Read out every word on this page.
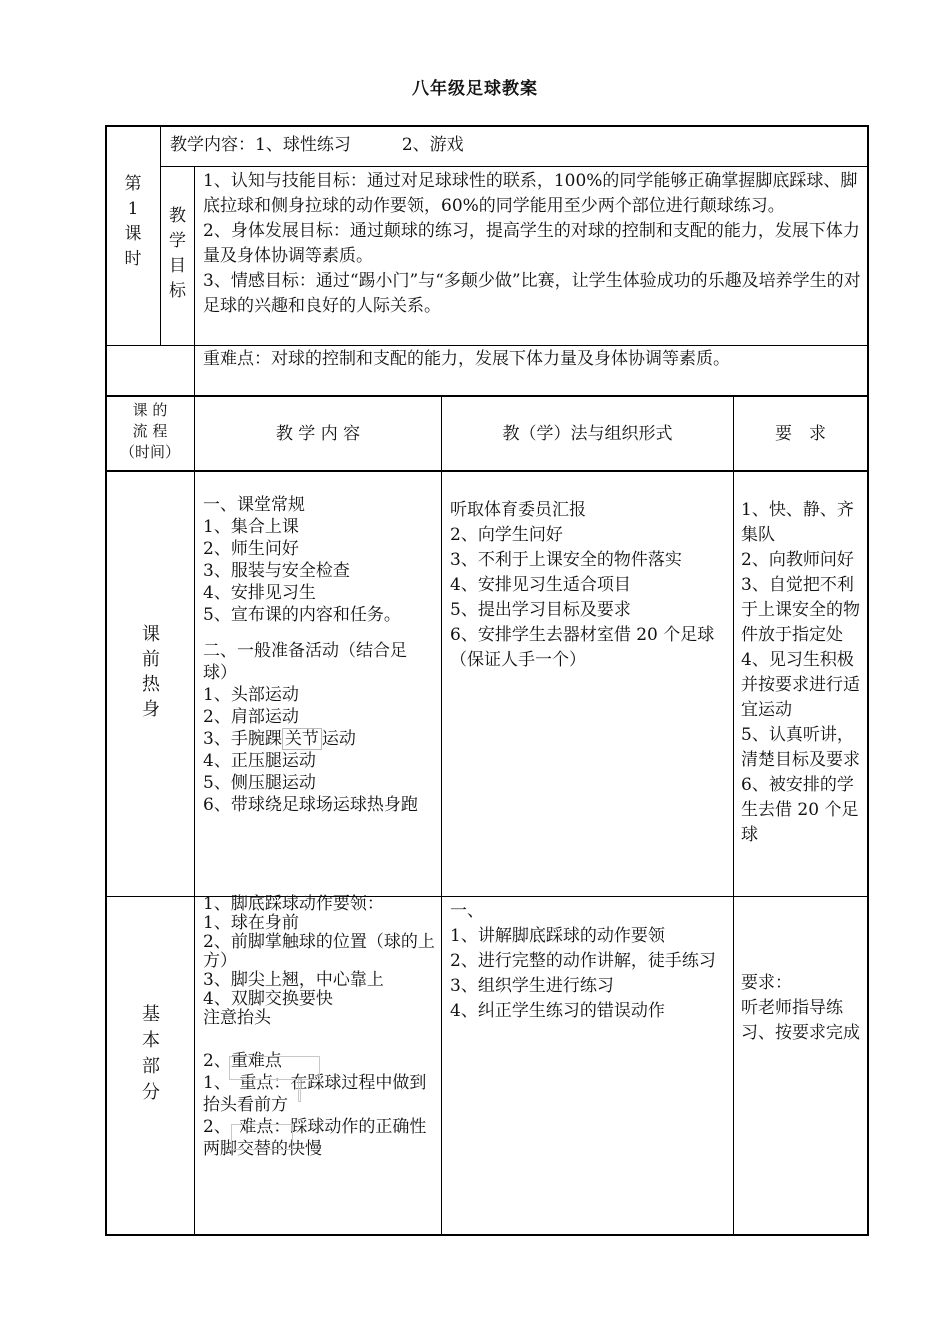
八年级足球教案
第
1
课
时
教学内容：1、球性练习　　　2、游戏
教
学
目
标
1、认知与技能目标：通过对足球球性的联系，100%的同学能够正确掌握脚底踩球、脚底拉球和侧身拉球的动作要领，60%的同学能用至少两个部位进行颠球练习。
2、身体发展目标：通过颠球的练习，提高学生的对球的控制和支配的能力，发展下体力量及身体协调等素质。
3、情感目标：通过“踢小门”与“多颠少做”比赛，让学生体验成功的乐趣及培养学生的对足球的兴趣和良好的人际关系。
重难点：对球的控制和支配的能力，发展下体力量及身体协调等素质。
课 的
流 程
（时间）
教 学 内 容	教（学）法与组织形式	要　求
课
前
热
身
一、课堂常规
1、集合上课
2、师生问好
3、服装与安全检查
4、安排见习生
5、宣布课的内容和任务。
二、一般准备活动（结合足球）
1、头部运动
2、肩部运动
3、手腕踝 关节 运动
4、正压腿运动
5、侧压腿运动
6、带球绕足球场运球热身跑
听取体育委员汇报
2、向学生问好
3、不利于上课安全的物件落实
4、安排见习生适合项目
5、提出学习目标及要求
6、安排学生去器材室借 20 个足球（保证人手一个）
1、快、静、齐集队
2、向教师问好
3、自觉把不利于上课安全的物件放于指定处
4、见习生积极并按要求进行适宜运动
5、认真听讲，清楚目标及要求
6、被安排的学生去借 20 个足球
基
本
部
分
1、脚底踩球动作要领：
1、球在身前
2、前脚掌触球的位置（球的上方）
3、脚尖上翘，中心靠上
4、双脚交换要快
注意抬头
2、重难点
1、　重点：在踩球过程中做到抬头看前方
2、　难点：踩球动作的正确性两脚交替的快慢
一、
1、讲解脚底踩球的动作要领
2、进行完整的动作讲解，徒手练习
3、组织学生进行练习
4、纠正学生练习的错误动作
要求：
听老师指导练习、按要求完成
